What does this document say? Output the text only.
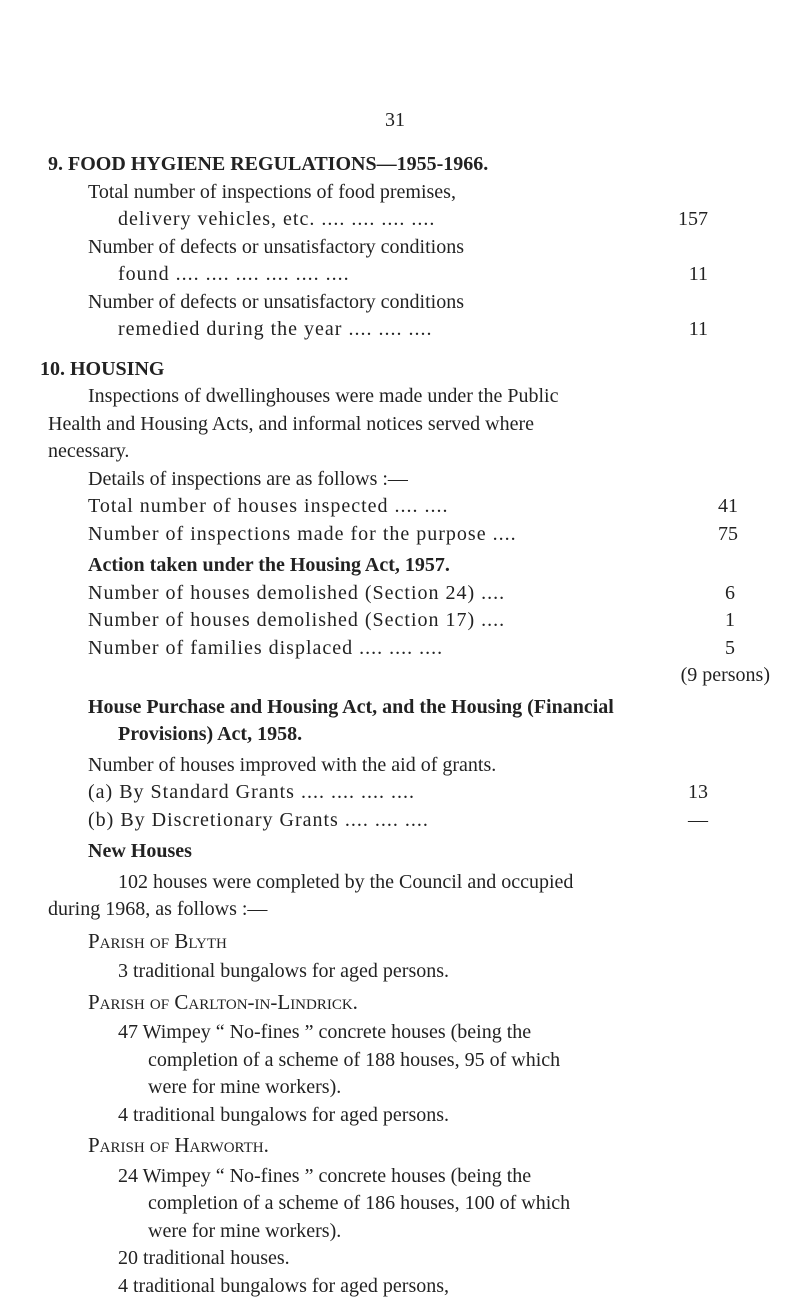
31
9. FOOD HYGIENE REGULATIONS—1955-1966.
Total number of inspections of food premises,
delivery vehicles, etc. .... .... .... ....	157
Number of defects or unsatisfactory conditions
found .... .... .... .... .... ....	11
Number of defects or unsatisfactory conditions
remedied during the year .... .... ....	11
10. HOUSING
Inspections of dwellinghouses were made under the Public
Health and Housing Acts, and informal notices served where
necessary.
Details of inspections are as follows :—
Total number of houses inspected .... ....	41
Number of inspections made for the purpose ....	75
Action taken under the Housing Act, 1957.
Number of houses demolished (Section 24) ....	6
Number of houses demolished (Section 17) ....	1
Number of families displaced .... .... ....	5
(9 persons)
House Purchase and Housing Act, and the Housing (Financial
Provisions) Act, 1958.
Number of houses improved with the aid of grants.
(a) By Standard Grants .... .... .... ....	13
(b) By Discretionary Grants .... .... ....	—
New Houses
102 houses were completed by the Council and occupied
during 1968, as follows :—
Parish of Blyth
3 traditional bungalows for aged persons.
Parish of Carlton-in-Lindrick.
47 Wimpey “ No-fines ” concrete houses (being the
completion of a scheme of 188 houses, 95 of which
were for mine workers).
4 traditional bungalows for aged persons.
Parish of Harworth.
24 Wimpey “ No-fines ” concrete houses (being the
completion of a scheme of 186 houses, 100 of which
were for mine workers).
20 traditional houses.
4 traditional bungalows for aged persons,
